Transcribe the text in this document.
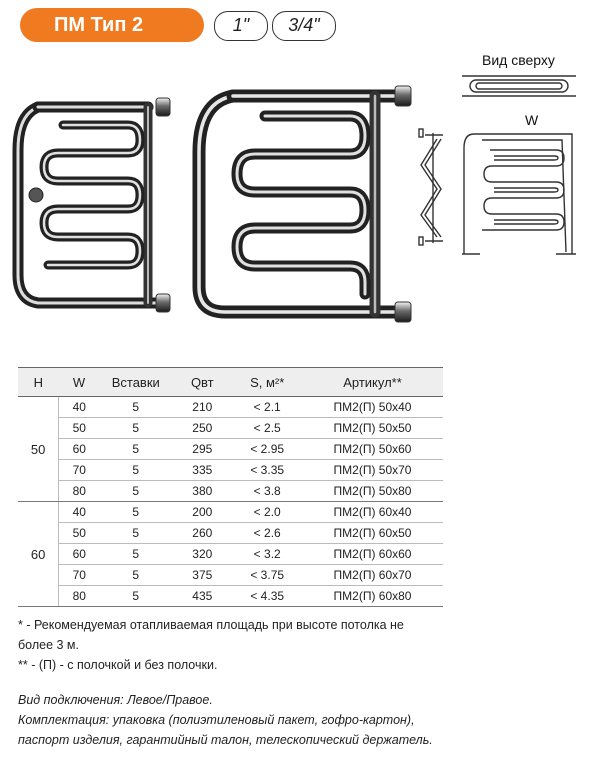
ПМ Тип 2	1"	3/4"
Вид сверху
W
H	W	Вставки	Qвт	S, м²*	Артикул**
50	40	5	210	< 2.1	ПМ2(П) 50x40
	50	5	250	< 2.5	ПМ2(П) 50x50
	60	5	295	< 2.95	ПМ2(П) 50x60
	70	5	335	< 3.35	ПМ2(П) 50x70
	80	5	380	< 3.8	ПМ2(П) 50x80
60	40	5	200	< 2.0	ПМ2(П) 60x40
	50	5	260	< 2.6	ПМ2(П) 60x50
	60	5	320	< 3.2	ПМ2(П) 60x60
	70	5	375	< 3.75	ПМ2(П) 60x70
	80	5	435	< 4.35	ПМ2(П) 60x80

* - Рекомендуемая отапливаемая площадь при высоте потолка не более 3 м.

** - (П) - с полочкой и без полочки.

Вид подключения: Левое/Правое.

Комплектация: упаковка (полиэтиленовый пакет, гофро-картон), паспорт изделия, гарантийный талон, телескопический держатель.
